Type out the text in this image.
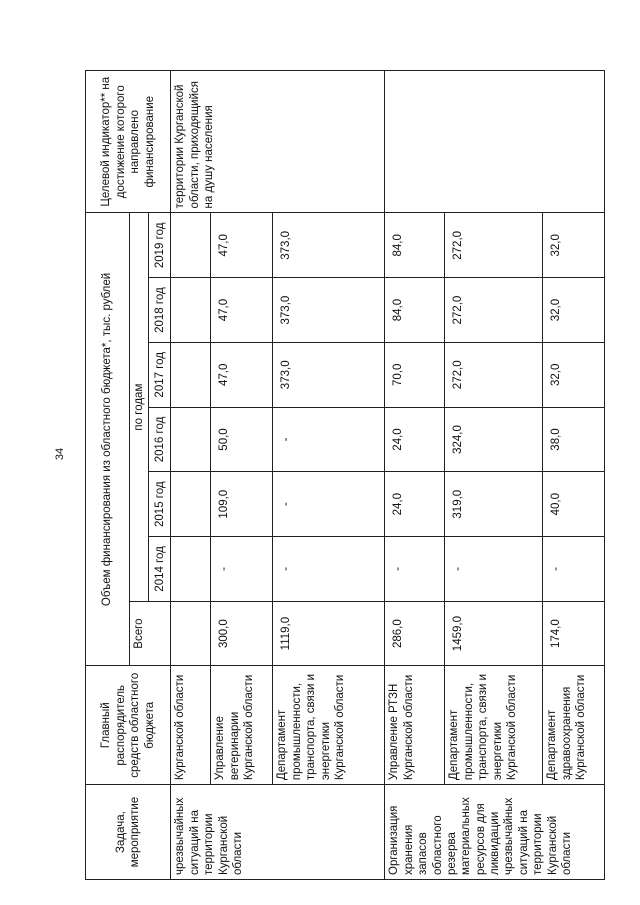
34
Задача, мероприятие	Главный распорядитель средств областного бюджета	Объем финансирования из областного бюджета*, тыс. рублей							Целевой индикатор** на достижение которого направлено финансирование
		Всего	по годам						
			2014 год	2015 год	2016 год	2017 год	2018 год	2019 год	
чрезвычайных ситуаций на территории Курганской области	Курганской области								территории Курганской области, приходящийся на душу населения
	Управление ветеринарии Курганской области	300,0	-	109,0	50,0	47,0	47,0	47,0	
	Департамент промышленности, транспорта, связи и энергетики Курганской области	1119,0	-	-	-	373,0	373,0	373,0	
Организация хранения запасов областного резерва материальных ресурсов для ликвидации чрезвычайных ситуаций на территории Курганской области	Управление РТЗН Курганской области	286,0	-	24,0	24,0	70,0	84,0	84,0	
	Департамент промышленности, транспорта, связи и энергетики Курганской области	1459,0	-	319,0	324,0	272,0	272,0	272,0	
	Департамент здравоохранения Курганской области	174,0	-	40,0	38,0	32,0	32,0	32,0	
